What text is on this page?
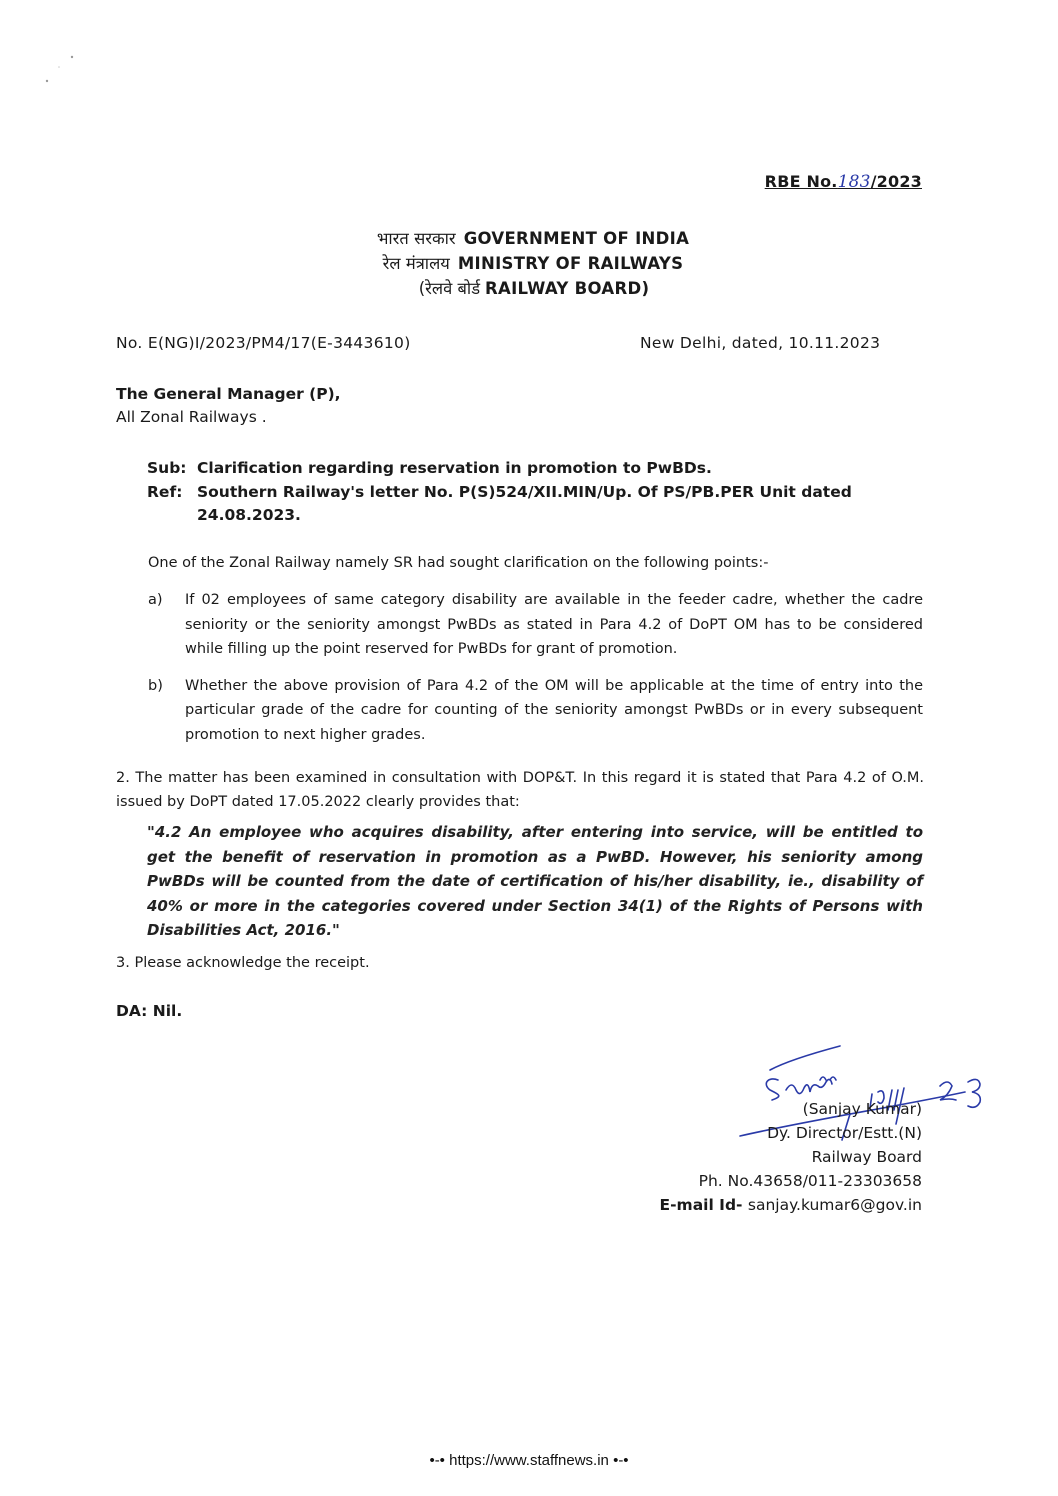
RBE No.183/2023
भारत सरकार GOVERNMENT OF INDIA
रेल मंत्रालय MINISTRY OF RAILWAYS
(रेलवे बोर्ड RAILWAY BOARD)
No. E(NG)I/2023/PM4/17(E-3443610)	New Delhi, dated, 10.11.2023
The General Manager (P),
All Zonal Railways .
Sub: Clarification regarding reservation in promotion to PwBDs.
Ref: Southern Railway's letter No. P(S)524/XII.MIN/Up. Of PS/PB.PER Unit dated
24.08.2023.
One of the Zonal Railway namely SR had sought clarification on the following points:-
a)	If 02 employees of same category disability are available in the feeder cadre, whether the cadre seniority or the seniority amongst PwBDs as stated in Para 4.2 of DoPT OM has to be considered while filling up the point reserved for PwBDs for grant of promotion.
b)	Whether the above provision of Para 4.2 of the OM will be applicable at the time of entry into the particular grade of the cadre for counting of the seniority amongst PwBDs or in every subsequent promotion to next higher grades.
2. The matter has been examined in consultation with DOP&T. In this regard it is stated that Para 4.2 of O.M. issued by DoPT dated 17.05.2022 clearly provides that:
"4.2 An employee who acquires disability, after entering into service, will be entitled to get the benefit of reservation in promotion as a PwBD. However, his seniority among PwBDs will be counted from the date of certification of his/her disability, ie., disability of 40% or more in the categories covered under Section 34(1) of the Rights of Persons with Disabilities Act, 2016."
3. Please acknowledge the receipt.
DA: Nil.
(Sanjay Kumar)
Dy. Director/Estt.(N)
Railway Board
Ph. No.43658/011-23303658
E-mail Id- sanjay.kumar6@gov.in
•-• https://www.staffnews.in •-•
